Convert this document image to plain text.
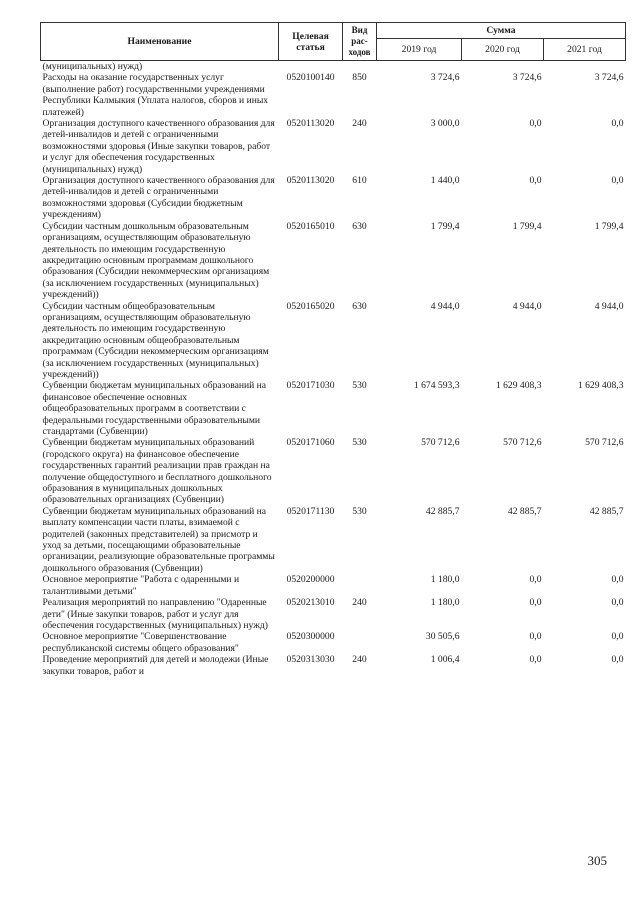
Наименование	Целевая статья	Вид рас-ходов	Сумма		
			2019 год	2020 год	2021 год
(муниципальных) нужд)					
Расходы на оказание государственных услуг (выполнение работ) государственными учреждениями Республики Калмыкия (Уплата налогов, сборов и иных платежей)	0520100140	850	3 724,6	3 724,6	3 724,6
Организация доступного качественного образования для детей-инвалидов и детей с ограниченными возможностями здоровья (Иные закупки товаров, работ и услуг для обеспечения государственных (муниципальных) нужд)	0520113020	240	3 000,0	0,0	0,0
Организация доступного качественного образования для детей-инвалидов и детей с ограниченными возможностями здоровья (Субсидии бюджетным учреждениям)	0520113020	610	1 440,0	0,0	0,0
Субсидии частным дошкольным образовательным организациям, осуществляющим образовательную деятельность по имеющим государственную аккредитацию основным программам дошкольного образования (Субсидии некоммерческим организациям (за исключением государственных (муниципальных) учреждений))	0520165010	630	1 799,4	1 799,4	1 799,4
Субсидии частным общеобразовательным организациям, осуществляющим образовательную деятельность по имеющим государственную аккредитацию основным общеобразовательным программам (Субсидии некоммерческим организациям (за исключением государственных (муниципальных) учреждений))	0520165020	630	4 944,0	4 944,0	4 944,0
Субвенции бюджетам муниципальных образований на финансовое обеспечение основных общеобразовательных программ в соответствии с федеральными государственными образовательными стандартами (Субвенции)	0520171030	530	1 674 593,3	1 629 408,3	1 629 408,3
Субвенции бюджетам муниципальных образований (городского округа) на финансовое обеспечение государственных гарантий реализации прав граждан на получение общедоступного и бесплатного дошкольного образования в муниципальных дошкольных образовательных организациях (Субвенции)	0520171060	530	570 712,6	570 712,6	570 712,6
Субвенции бюджетам муниципальных образований на выплату компенсации части платы, взимаемой с родителей (законных представителей) за присмотр и уход за детьми, посещающими образовательные организации, реализующие образовательные программы дошкольного образования (Субвенции)	0520171130	530	42 885,7	42 885,7	42 885,7
Основное мероприятие "Работа с одаренными и талантливыми детьми"	0520200000		1 180,0	0,0	0,0
Реализация мероприятий по направлению "Одаренные дети" (Иные закупки товаров, работ и услуг для обеспечения государственных (муниципальных) нужд)	0520213010	240	1 180,0	0,0	0,0
Основное мероприятие "Совершенствование республиканской системы общего образования"	0520300000		30 505,6	0,0	0,0
Проведение мероприятий для детей и молодежи (Иные закупки товаров, работ и	0520313030	240	1 006,4	0,0	0,0
305
